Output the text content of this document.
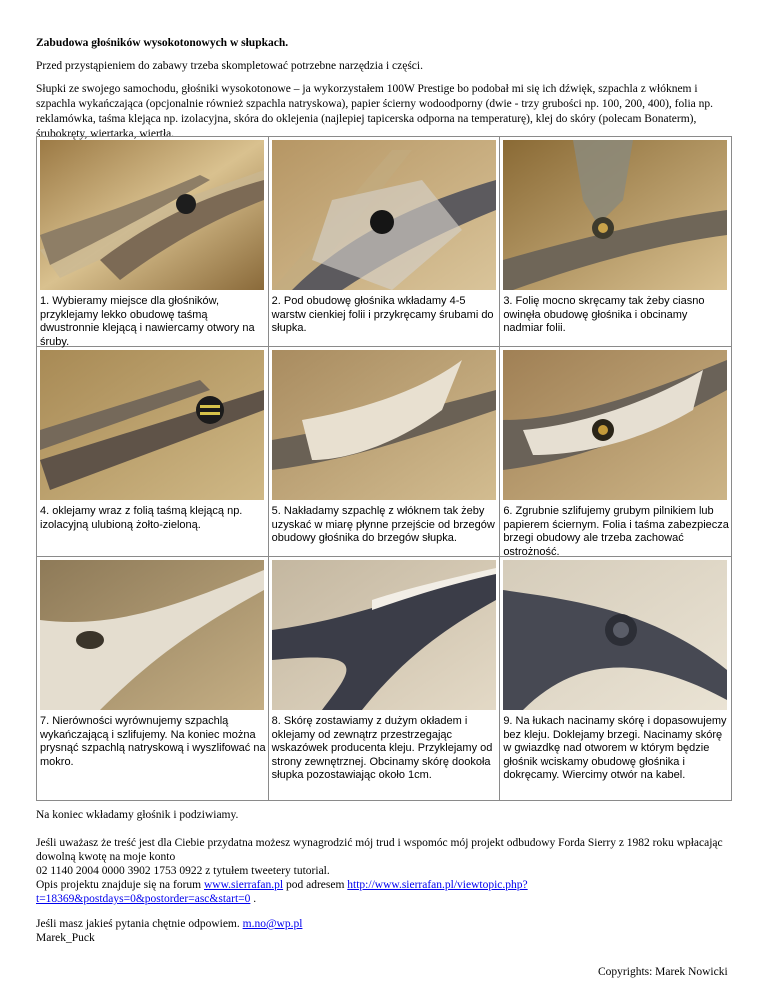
Zabudowa głośników wysokotonowych w słupkach.
Przed przystąpieniem do zabawy trzeba skompletować potrzebne narzędzia i części.
Słupki ze swojego samochodu, głośniki wysokotonowe – ja wykorzystałem 100W Prestige bo podobał mi się ich dźwięk, szpachla z włóknem i szpachla wykańczająca (opcjonalnie również szpachla natryskowa), papier ścierny wodoodporny (dwie - trzy grubości np. 100, 200, 400), folia np. reklamówka, taśma klejąca np. izolacyjna, skóra do oklejenia (najlepiej tapicerska odporna na temperaturę), klej do skóry (polecam Bonaterm), śrubokręty, wiertarka, wiertła.
1. Wybieramy miejsce dla głośników, przyklejamy lekko obudowę taśmą dwustronnie klejącą i nawiercamy otwory na śruby.	2. Pod obudowę głośnika wkładamy 4-5 warstw cienkiej folii i przykręcamy śrubami do słupka.	3. Folię mocno skręcamy tak żeby ciasno owinęła obudowę głośnika i obcinamy nadmiar folii.

4. oklejamy wraz z folią taśmą klejącą np. izolacyjną ulubioną żołto-zieloną.	5. Nakładamy szpachlę z włóknem tak żeby uzyskać w miarę płynne przejście od brzegów obudowy głośnika do brzegów słupka.	6. Zgrubnie szlifujemy grubym pilnikiem lub papierem ściernym. Folia i taśma zabezpiecza brzegi obudowy ale trzeba zachować ostrożność.

7. Nierówności wyrównujemy szpachlą wykańczającą i szlifujemy. Na koniec można prysnąć szpachlą natryskową i wyszlifować na mokro.	8. Skórę zostawiamy z dużym okładem i oklejamy od zewnątrz przestrzegając wskazówek producenta kleju. Przyklejamy od strony zewnętrznej. Obcinamy skórę dookoła słupka pozostawiając około 1cm.	9. Na łukach nacinamy skórę i dopasowujemy bez kleju. Doklejamy brzegi. Nacinamy skórę w gwiazdkę nad otworem w którym będzie głośnik wciskamy obudowę głośnika i dokręcamy. Wiercimy otwór na kabel.
Na koniec wkładamy głośnik i podziwiamy.

Jeśli uważasz że treść jest dla Ciebie przydatna możesz wynagrodzić mój trud i wspomóc mój projekt odbudowy Forda Sierry z 1982 roku wpłacając dowolną kwotę na moje konto

02 1140 2004 0000 3902 1753 0922 z tytułem tweetery tutorial.

Opis projektu znajduje się na forum www.sierrafan.pl pod adresem http://www.sierrafan.pl/viewtopic.php?t=18369&postdays=0&postorder=asc&start=0 .

Jeśli masz jakieś pytania chętnie odpowiem. m.no@wp.pl

Marek_Puck

Copyrights: Marek Nowicki
